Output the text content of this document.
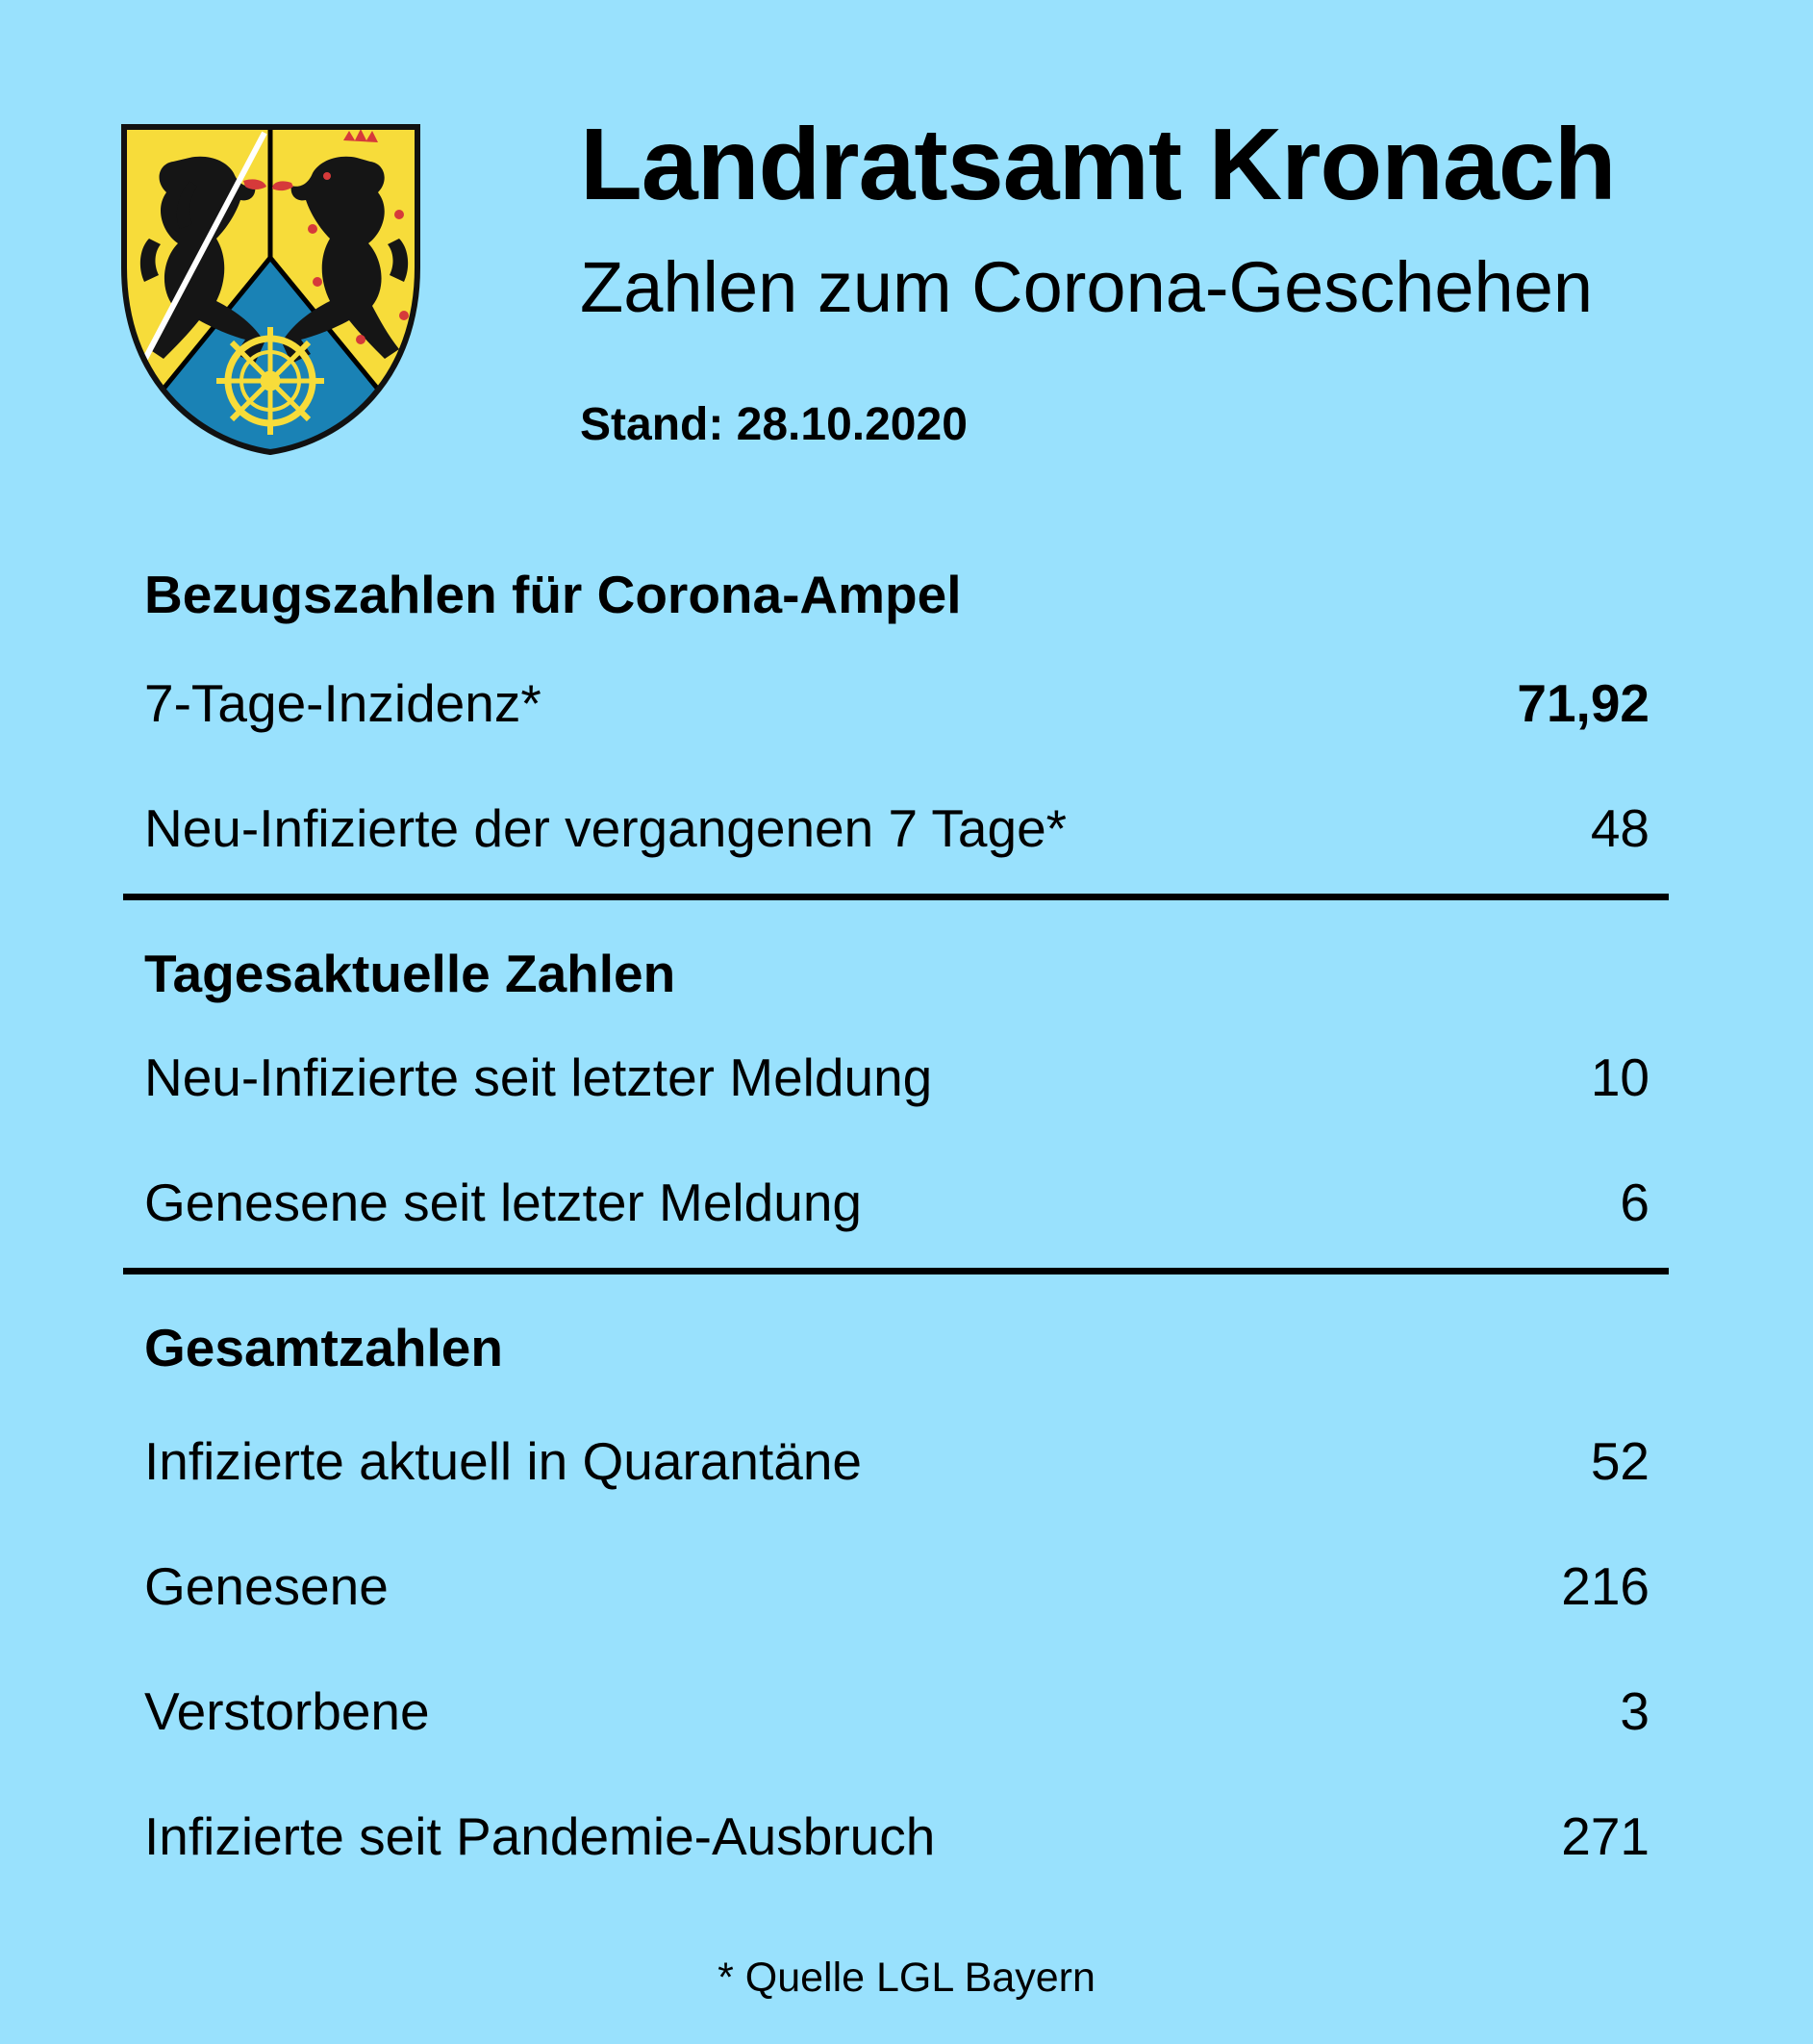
Landratsamt Kronach
Zahlen zum Corona-Geschehen
Stand: 28.10.2020
Bezugszahlen für Corona-Ampel
7-Tage-Inzidenz*	71,92
Neu-Infizierte der vergangenen 7 Tage*	48
Tagesaktuelle Zahlen
Neu-Infizierte seit letzter Meldung	10
Genesene seit letzter Meldung	6
Gesamtzahlen
Infizierte aktuell in Quarantäne	52
Genesene	216
Verstorbene	3
Infizierte seit Pandemie-Ausbruch	271
* Quelle LGL Bayern
